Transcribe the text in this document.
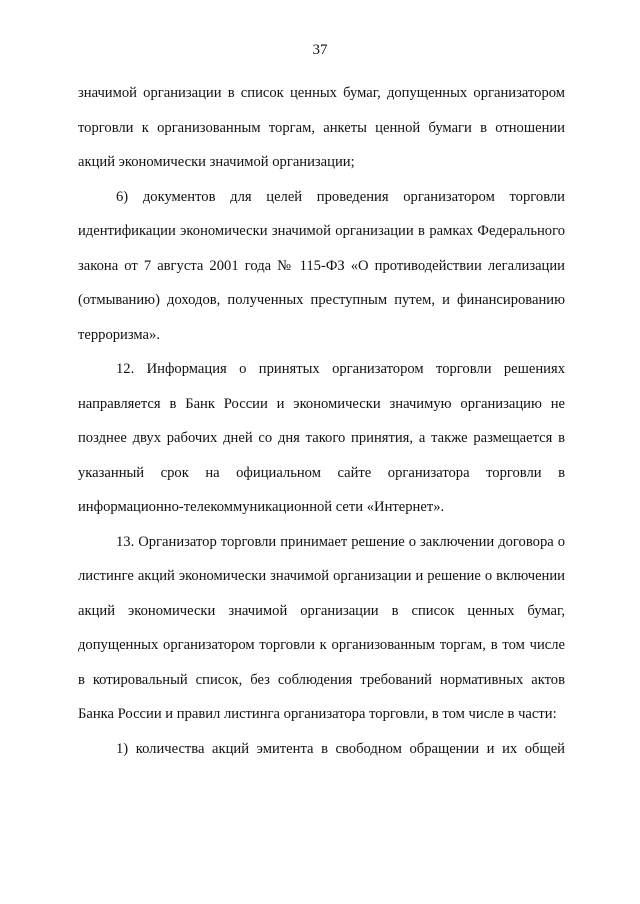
37

значимой организации в список ценных бумаг, допущенных организатором торговли к организованным торгам, анкеты ценной бумаги в отношении акций экономически значимой организации;

6) документов для целей проведения организатором торговли идентификации экономически значимой организации в рамках Федерального закона от 7 августа 2001 года № 115-ФЗ «О противодействии легализации (отмыванию) доходов, полученных преступным путем, и финансированию терроризма».

12. Информация о принятых организатором торговли решениях направляется в Банк России и экономически значимую организацию не позднее двух рабочих дней со дня такого принятия, а также размещается в указанный срок на официальном сайте организатора торговли в информационно-телекоммуникационной сети «Интернет».

13. Организатор торговли принимает решение о заключении договора о листинге акций экономически значимой организации и решение о включении акций экономически значимой организации в список ценных бумаг, допущенных организатором торговли к организованным торгам, в том числе в котировальный список, без соблюдения требований нормативных актов Банка России и правил листинга организатора торговли, в том числе в части:

1) количества акций эмитента в свободном обращении и их общей
